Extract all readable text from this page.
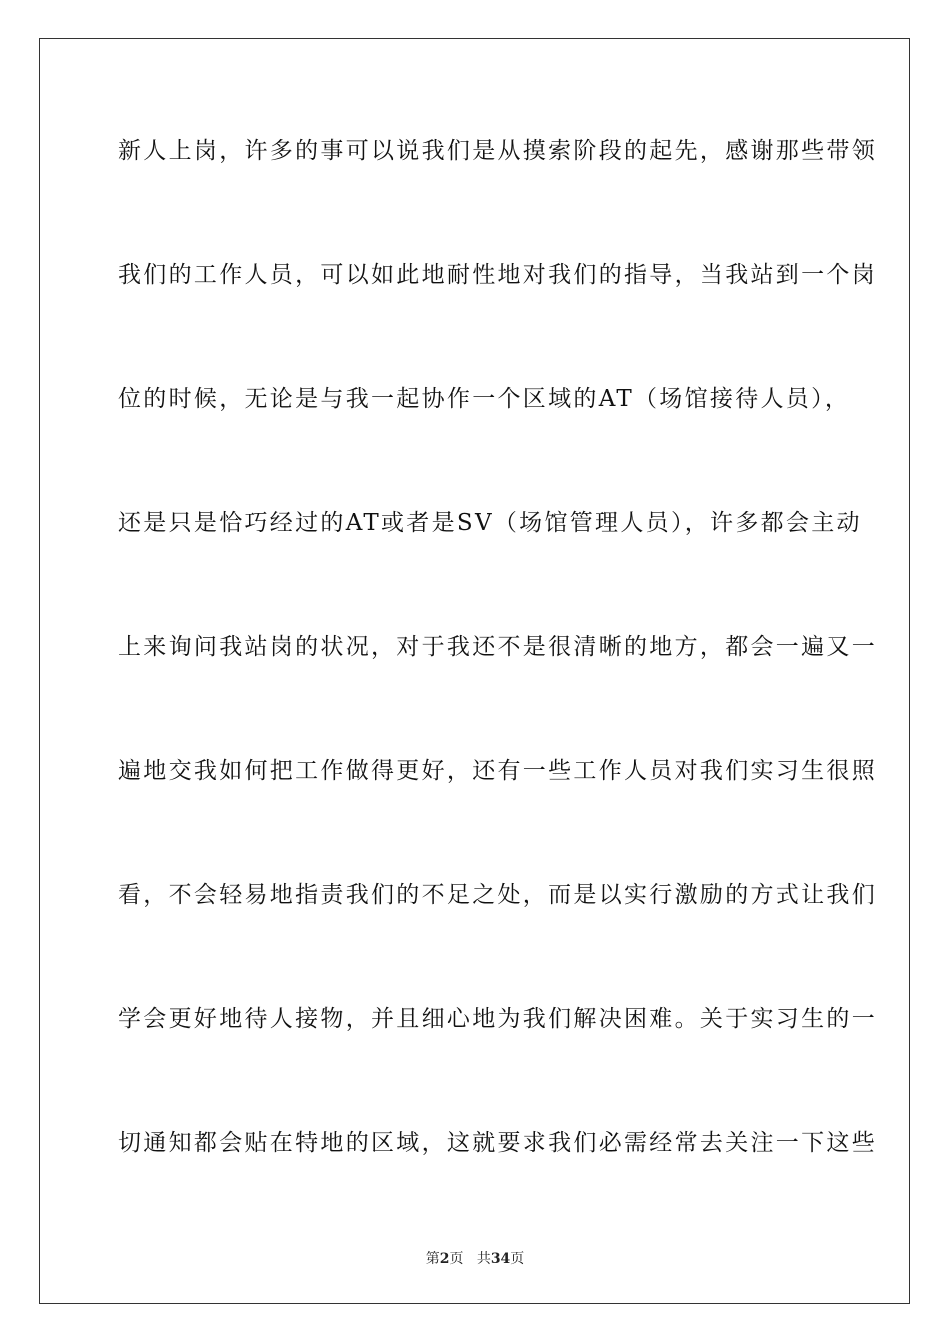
新人上岗，许多的事可以说我们是从摸索阶段的起先，感谢那些带领
我们的工作人员，可以如此地耐性地对我们的指导，当我站到一个岗
位的时候，无论是与我一起协作一个区域的AT（场馆接待人员），
还是只是恰巧经过的AT或者是SV（场馆管理人员），许多都会主动
上来询问我站岗的状况，对于我还不是很清晰的地方，都会一遍又一
遍地交我如何把工作做得更好，还有一些工作人员对我们实习生很照
看，不会轻易地指责我们的不足之处，而是以实行激励的方式让我们
学会更好地待人接物，并且细心地为我们解决困难。关于实习生的一
切通知都会贴在特地的区域，这就要求我们必需经常去关注一下这些
第2页 共34页
